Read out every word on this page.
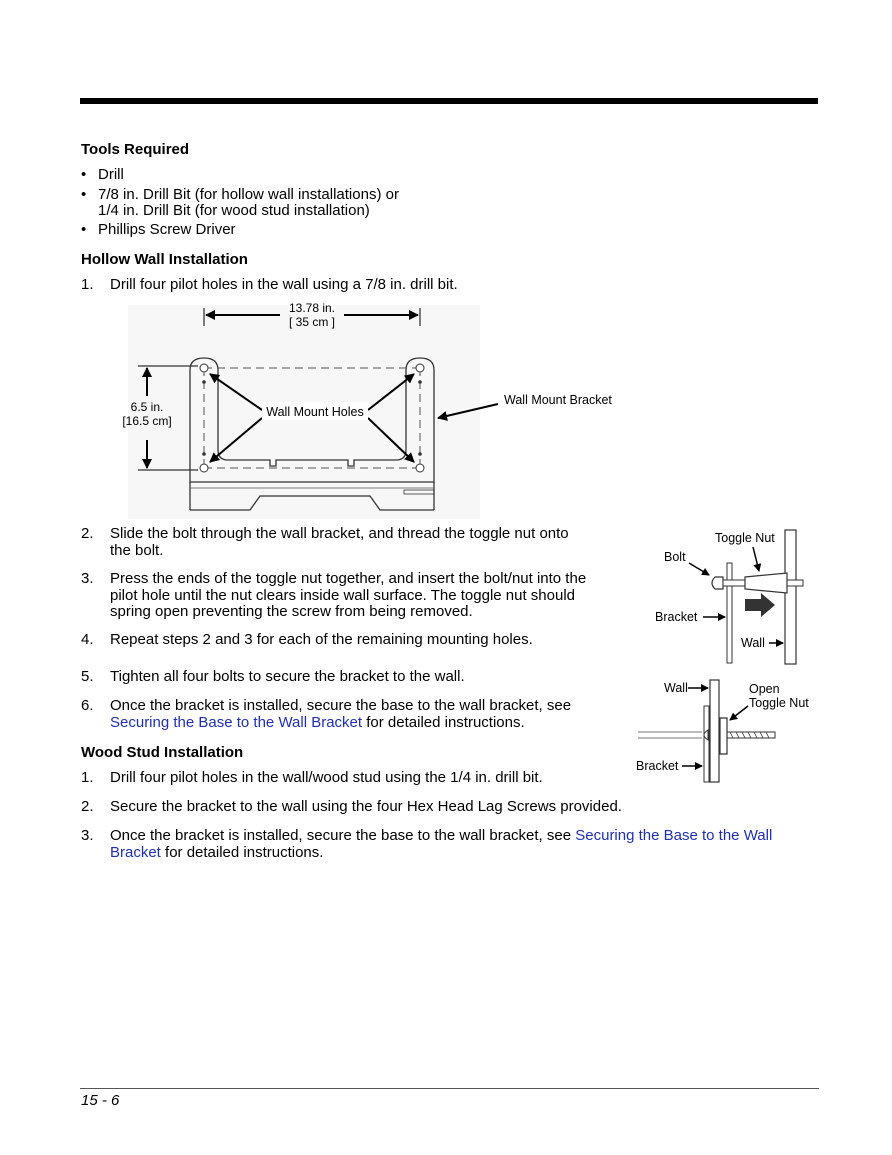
Tools Required
• Drill
• 7/8 in. Drill Bit (for hollow wall installations) or
1/4 in. Drill Bit (for wood stud installation)
• Phillips Screw Driver
Hollow Wall Installation
1.	Drill four pilot holes in the wall using a 7/8 in. drill bit.
13.78 in.
[ 35 cm ]
6.5 in.
[16.5 cm]
Wall Mount Holes
Wall Mount Bracket
2.	Slide the bolt through the wall bracket, and thread the toggle nut onto
the bolt.
3.	Press the ends of the toggle nut together, and insert the bolt/nut into the
pilot hole until the nut clears inside wall surface. The toggle nut should
spring open preventing the screw from being removed.
4.	Repeat steps 2 and 3 for each of the remaining mounting holes.
5.	Tighten all four bolts to secure the bracket to the wall.
6.	Once the bracket is installed, secure the base to the wall bracket, see
Securing the Base to the Wall Bracket for detailed instructions.
Toggle Nut
Bolt
Bracket
Wall
Wall	Open
Toggle Nut
Bracket
Wood Stud Installation
1.	Drill four pilot holes in the wall/wood stud using the 1/4 in. drill bit.
2.	Secure the bracket to the wall using the four Hex Head Lag Screws provided.
3.	Once the bracket is installed, secure the base to the wall bracket, see Securing the Base to the Wall
Bracket for detailed instructions.
15 - 6
